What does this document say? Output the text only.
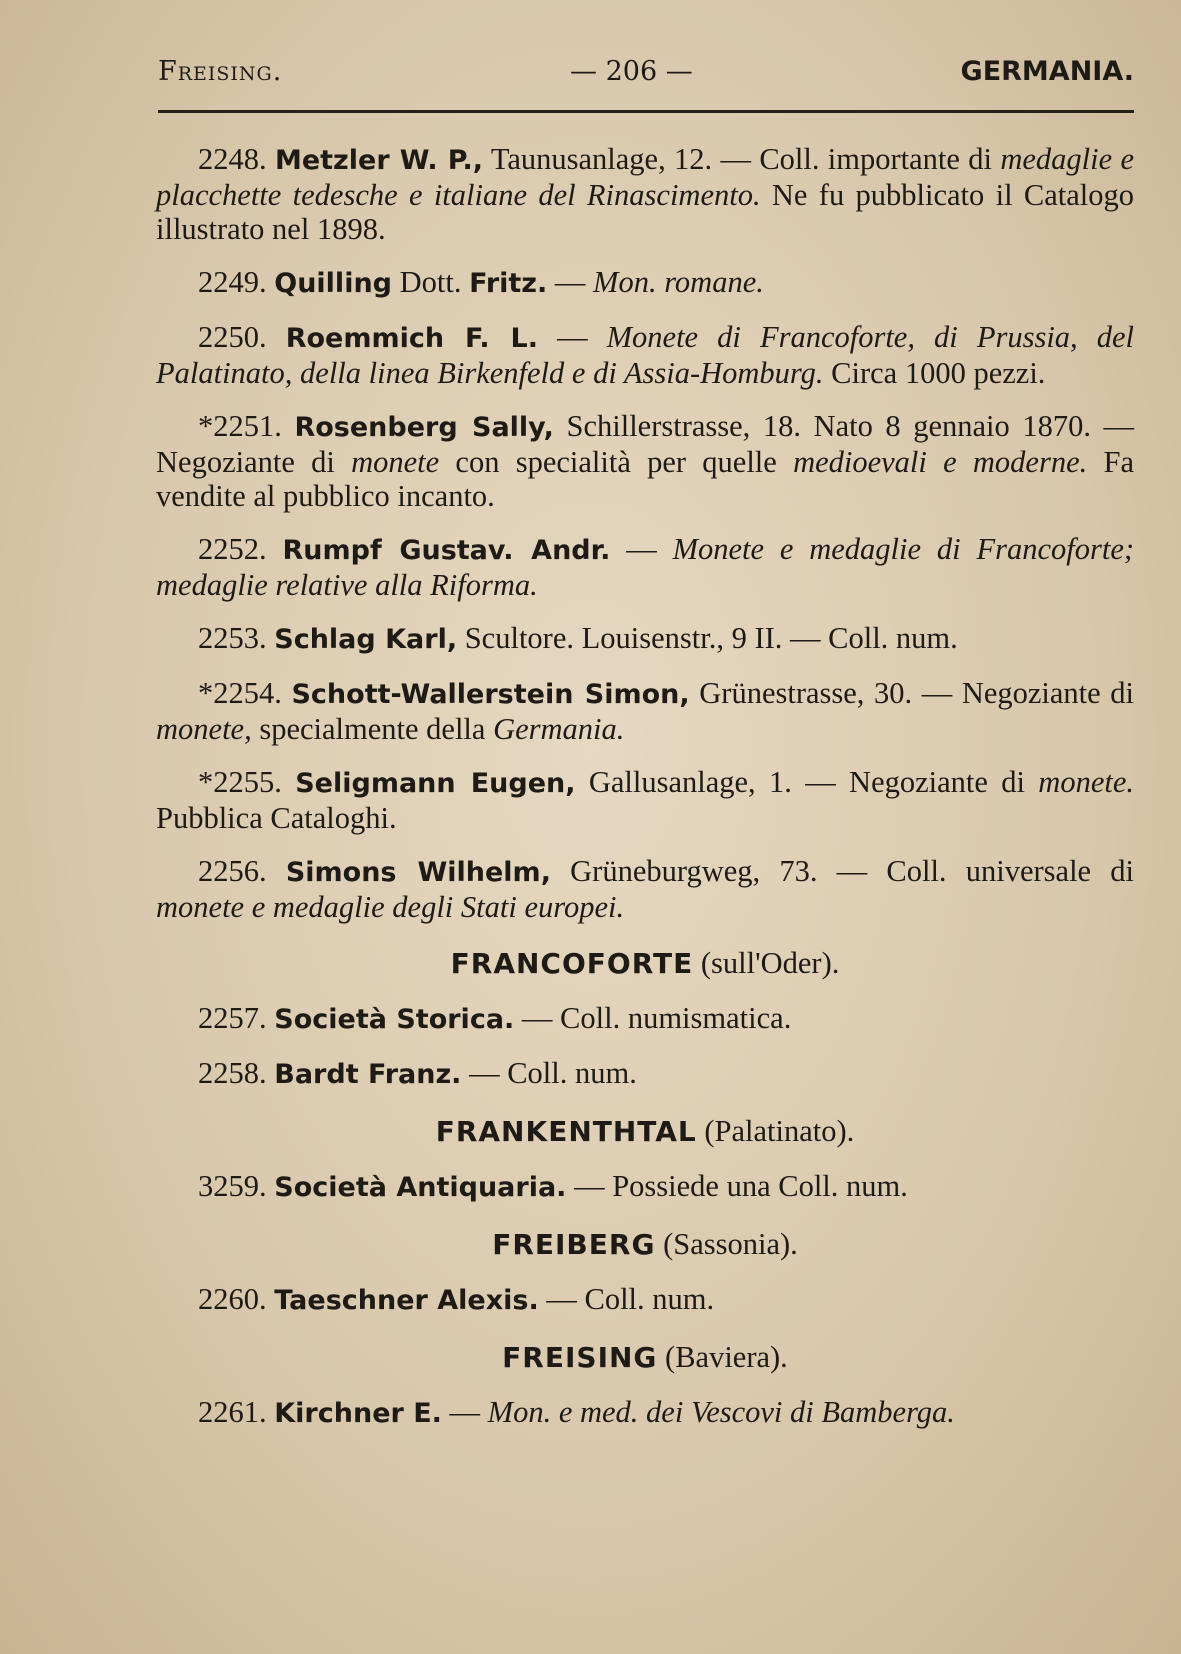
Freising.	— 206 —	GERMANIA.

2248. Metzler W. P., Taunusanlage, 12. — Coll. importante di medaglie e placchette tedesche e italiane del Rinascimento. Ne fu pubblicato il Catalogo illustrato nel 1898.

2249. Quilling Dott. Fritz. — Mon. romane.

2250. Roemmich F. L. — Monete di Francoforte, di Prussia, del Palatinato, della linea Birkenfeld e di Assia-Homburg. Circa 1000 pezzi.

*2251. Rosenberg Sally, Schillerstrasse, 18. Nato 8 gennaio 1870. — Negoziante di monete con specialità per quelle medioevali e moderne. Fa vendite al pubblico incanto.

2252. Rumpf Gustav. Andr. — Monete e medaglie di Francoforte; medaglie relative alla Riforma.

2253. Schlag Karl, Scultore. Louisenstr., 9 II. — Coll. num.

*2254. Schott-Wallerstein Simon, Grünestrasse, 30. — Negoziante di monete, specialmente della Germania.

*2255. Seligmann Eugen, Gallusanlage, 1. — Negoziante di monete. Pubblica Cataloghi.

2256. Simons Wilhelm, Grüneburgweg, 73. — Coll. universale di monete e medaglie degli Stati europei.

FRANCOFORTE (sull'Oder).

2257. Società Storica. — Coll. numismatica.

2258. Bardt Franz. — Coll. num.

FRANKENTHTAL (Palatinato).

3259. Società Antiquaria. — Possiede una Coll. num.

FREIBERG (Sassonia).

2260. Taeschner Alexis. — Coll. num.

FREISING (Baviera).

2261. Kirchner E. — Mon. e med. dei Vescovi di Bamberga.
